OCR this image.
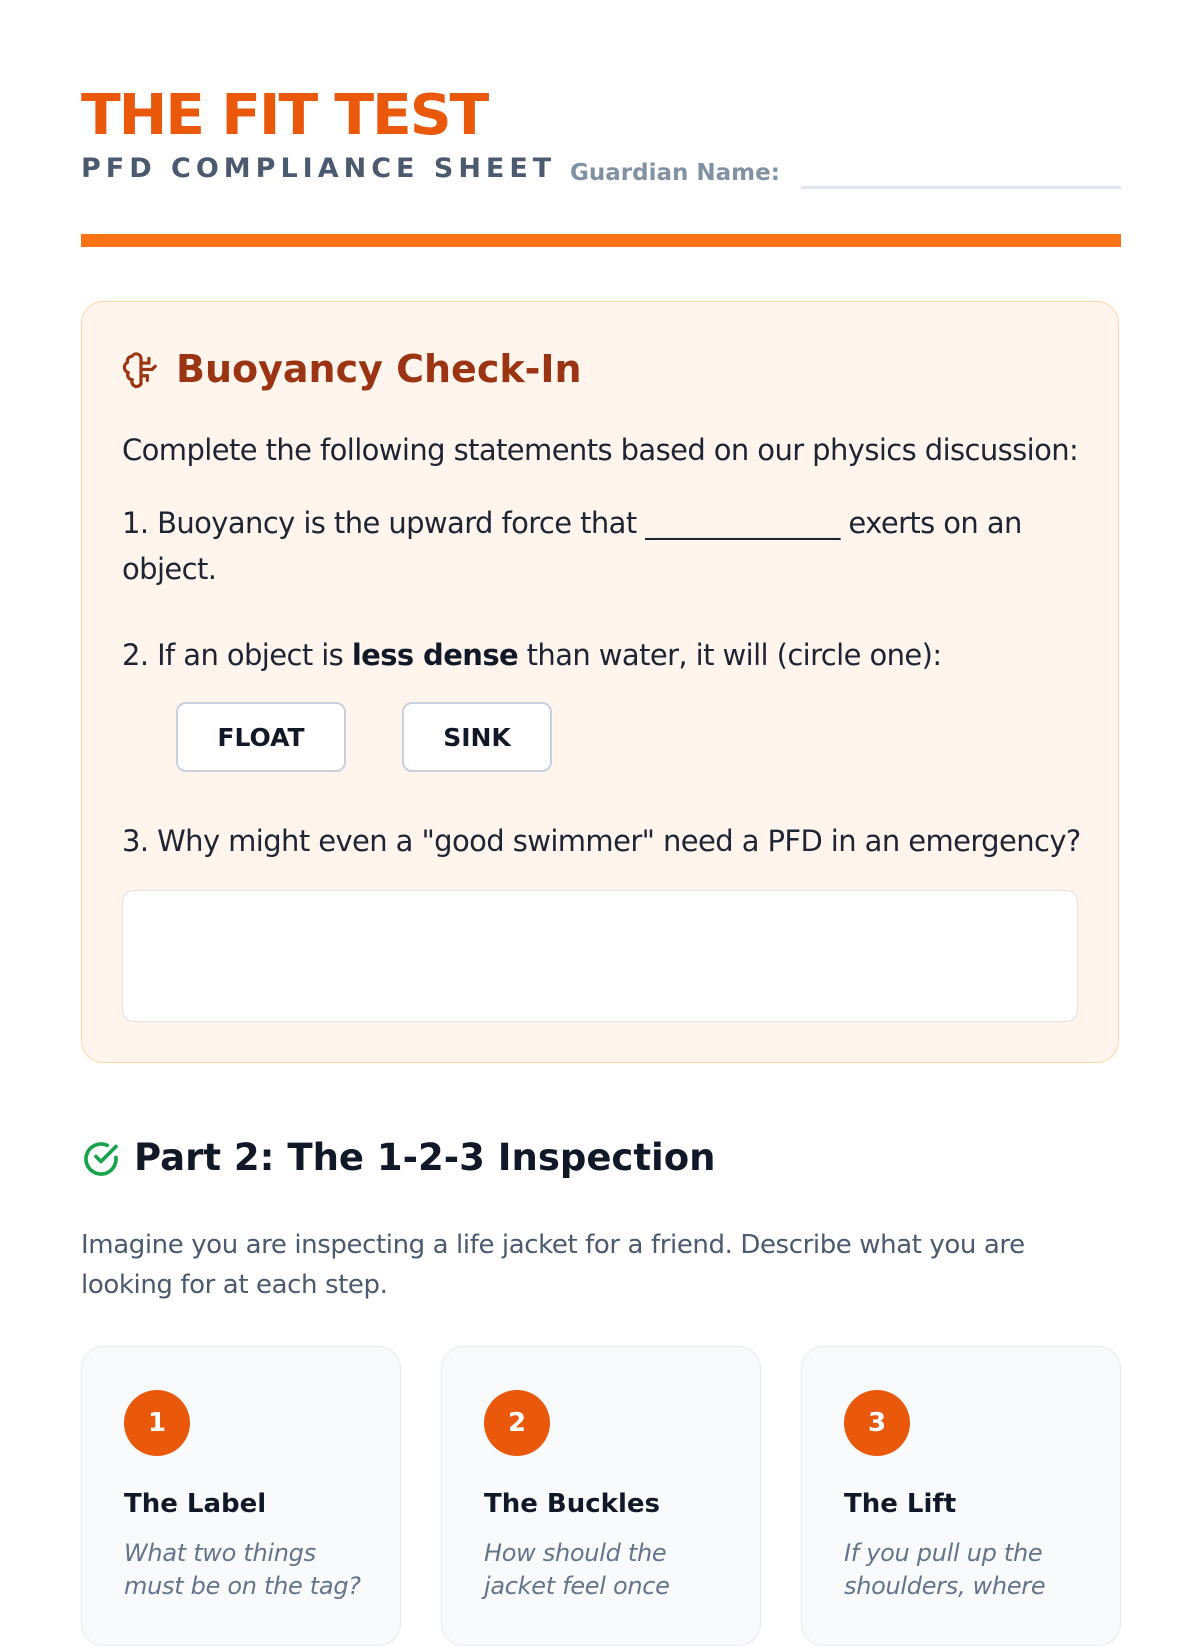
THE FIT TEST
PFD COMPLIANCE SHEET Guardian Name:
Buoyancy Check-In
Complete the following statements based on our physics discussion:
1. Buoyancy is the upward force that ______________ exerts on an object.
2. If an object is less dense than water, it will (circle one):
FLOAT	SINK
3. Why might even a "good swimmer" need a PFD in an emergency?
Part 2: The 1-2-3 Inspection
Imagine you are inspecting a life jacket for a friend. Describe what you are looking for at each step.
1
The Label
What two things must be on the tag?
2
The Buckles
How should the jacket feel once
3
The Lift
If you pull up the shoulders, where
